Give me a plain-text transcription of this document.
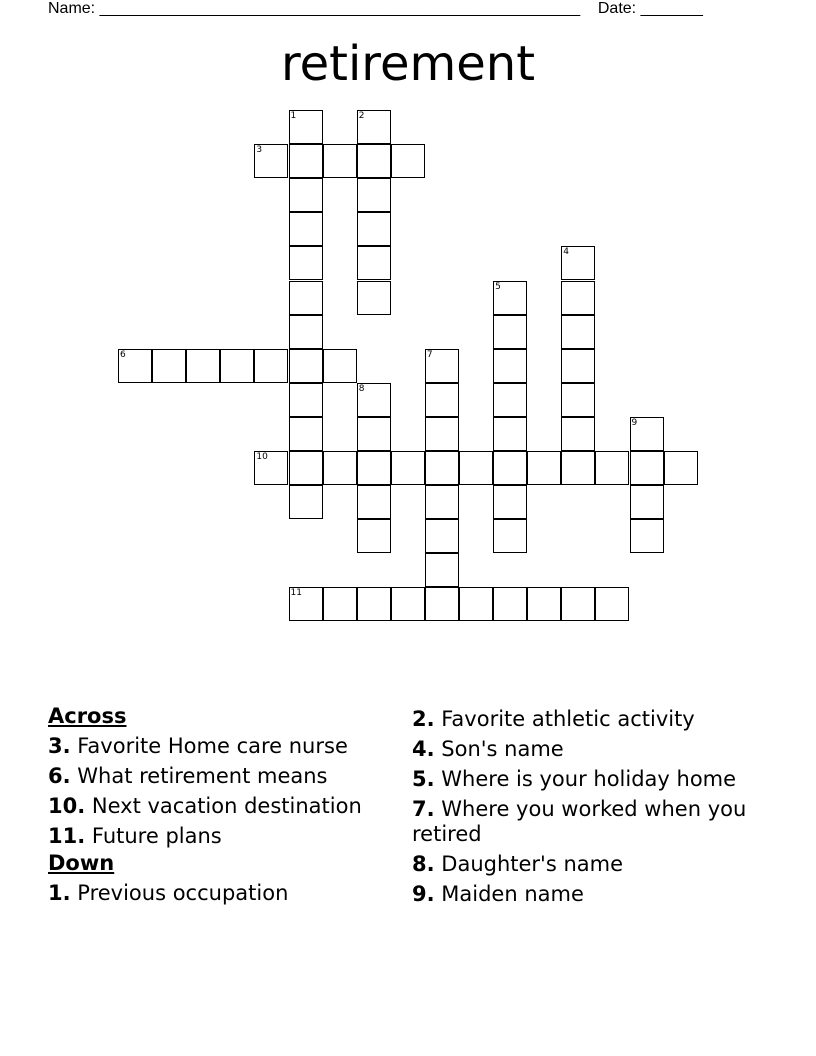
Name: ______________________________________________________ Date: _______
retirement
1	2
3
4
5
6	7
8
9
10
11
Across
3. Favorite Home care nurse
6. What retirement means
10. Next vacation destination
11. Future plans
Down
1. Previous occupation
2. Favorite athletic activity
4. Son's name
5. Where is your holiday home
7. Where you worked when you retired
8. Daughter's name
9. Maiden name
